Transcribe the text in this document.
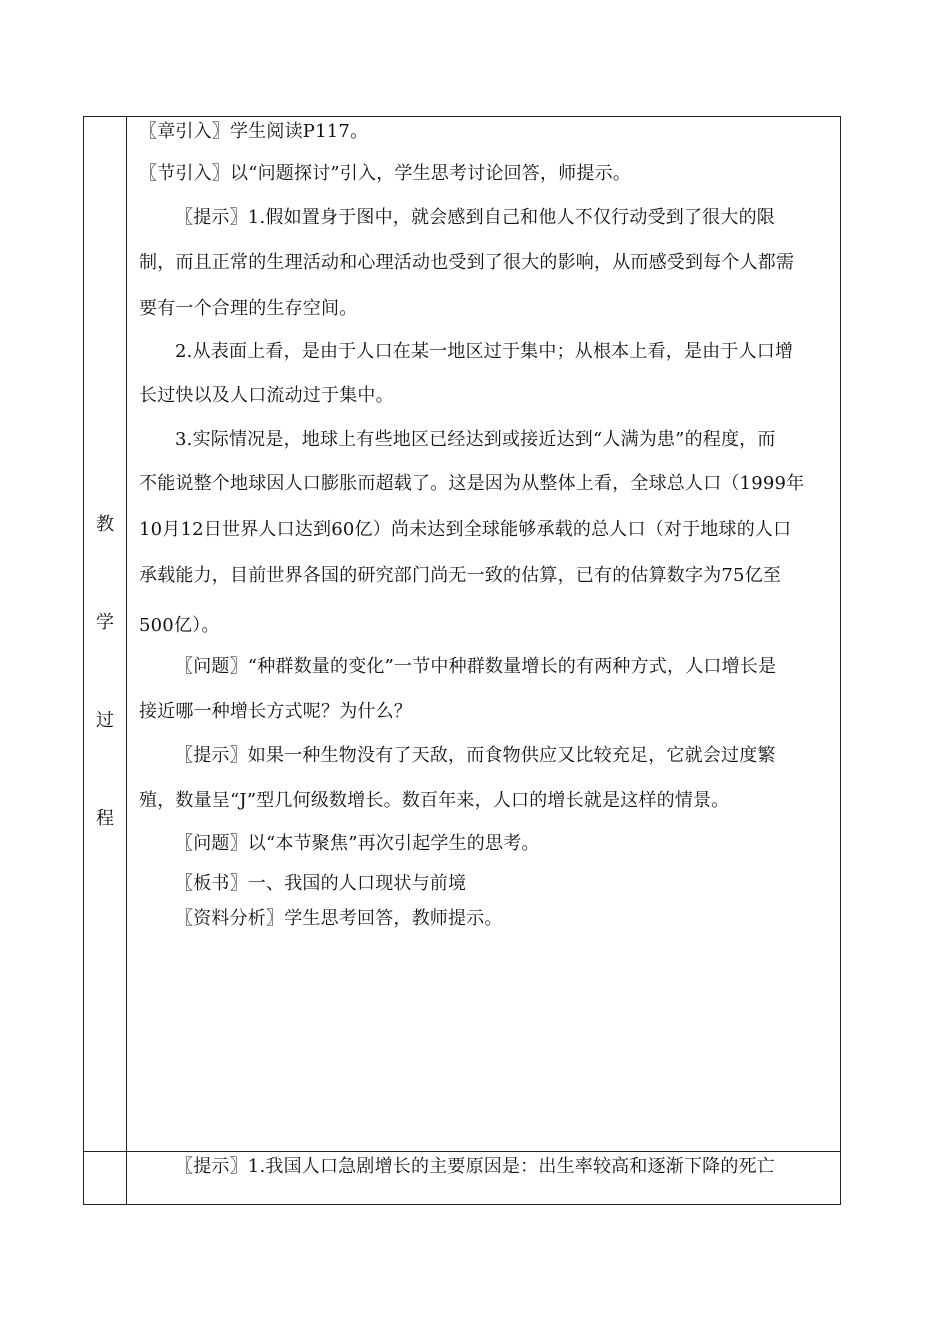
教
学
过
程
〖章引入〗学生阅读P117。
〖节引入〗以“问题探讨”引入，学生思考讨论回答，师提示。
〖提示〗1.假如置身于图中，就会感到自己和他人不仅行动受到了很大的限
制，而且正常的生理活动和心理活动也受到了很大的影响，从而感受到每个人都需
要有一个合理的生存空间。
2.从表面上看，是由于人口在某一地区过于集中；从根本上看，是由于人口增
长过快以及人口流动过于集中。
3.实际情况是，地球上有些地区已经达到或接近达到“人满为患”的程度，而
不能说整个地球因人口膨胀而超载了。这是因为从整体上看，全球总人口（1999年
10月12日世界人口达到60亿）尚未达到全球能够承载的总人口（对于地球的人口
承载能力，目前世界各国的研究部门尚无一致的估算，已有的估算数字为75亿至
500亿）。
〖问题〗“种群数量的变化”一节中种群数量增长的有两种方式，人口增长是
接近哪一种增长方式呢？为什么？
〖提示〗如果一种生物没有了天敌，而食物供应又比较充足，它就会过度繁
殖，数量呈“J”型几何级数增长。数百年来，人口的增长就是这样的情景。
〖问题〗以“本节聚焦”再次引起学生的思考。
〖板书〗一、我国的人口现状与前境
〖资料分析〗学生思考回答，教师提示。
〖提示〗1.我国人口急剧增长的主要原因是：出生率较高和逐渐下降的死亡
